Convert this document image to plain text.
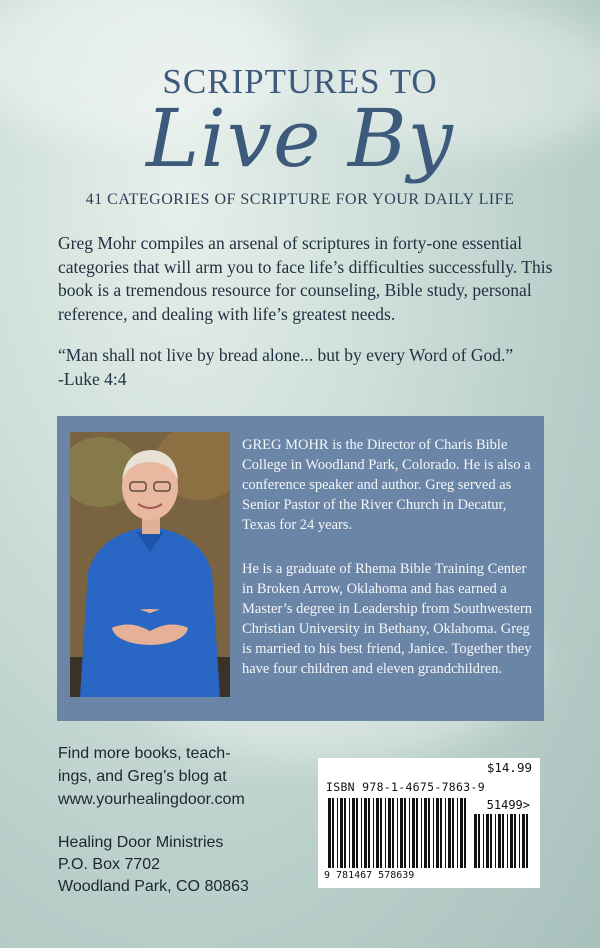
SCRIPTURES TO
Live By
41 CATEGORIES OF SCRIPTURE FOR YOUR DAILY LIFE
Greg Mohr compiles an arsenal of scriptures in forty-one essential categories that will arm you to face life’s difficulties successfully. This book is a tremendous resource for counseling, Bible study, personal reference, and dealing with life’s greatest needs.
“Man shall not live by bread alone... but by every Word of God.”
-Luke 4:4
GREG MOHR is the Director of Charis Bible College in Woodland Park, Colorado. He is also a conference speaker and author. Greg served as Senior Pastor of the River Church in Decatur, Texas for 24 years.
He is a graduate of Rhema Bible Training Center in Broken Arrow, Oklahoma and has earned a Master’s degree in Leadership from Southwestern Christian University in Bethany, Oklahoma. Greg is married to his best friend, Janice. Together they have four children and eleven grandchildren.
Find more books, teach-
ings, and Greg’s blog at
www.yourhealingdoor.com
Healing Door Ministries
P.O. Box 7702
Woodland Park, CO 80863
$14.99
ISBN 978-1-4675-7863-9
51499>
9 781467 578639
